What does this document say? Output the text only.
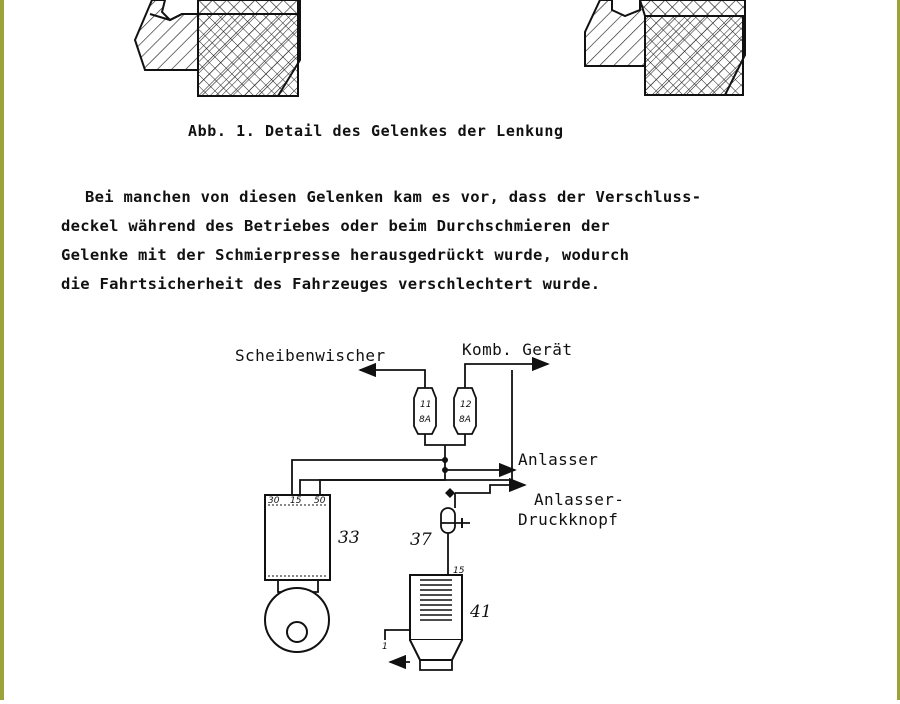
Abb. 1. Detail des Gelenkes der Lenkung
Bei manchen von diesen Gelenken kam es vor, dass der Verschluss-
deckel während des Betriebes oder beim Durchschmieren der
Gelenke mit der Schmierpresse herausgedrückt wurde, wodurch
die Fahrtsicherheit des Fahrzeuges verschlechtert wurde.
Scheibenwischer	Komb. Gerät
Anlasser
Anlasser-
Druckknopf
11
8A
12
8A
30 15 50
33	37
41
15
1
